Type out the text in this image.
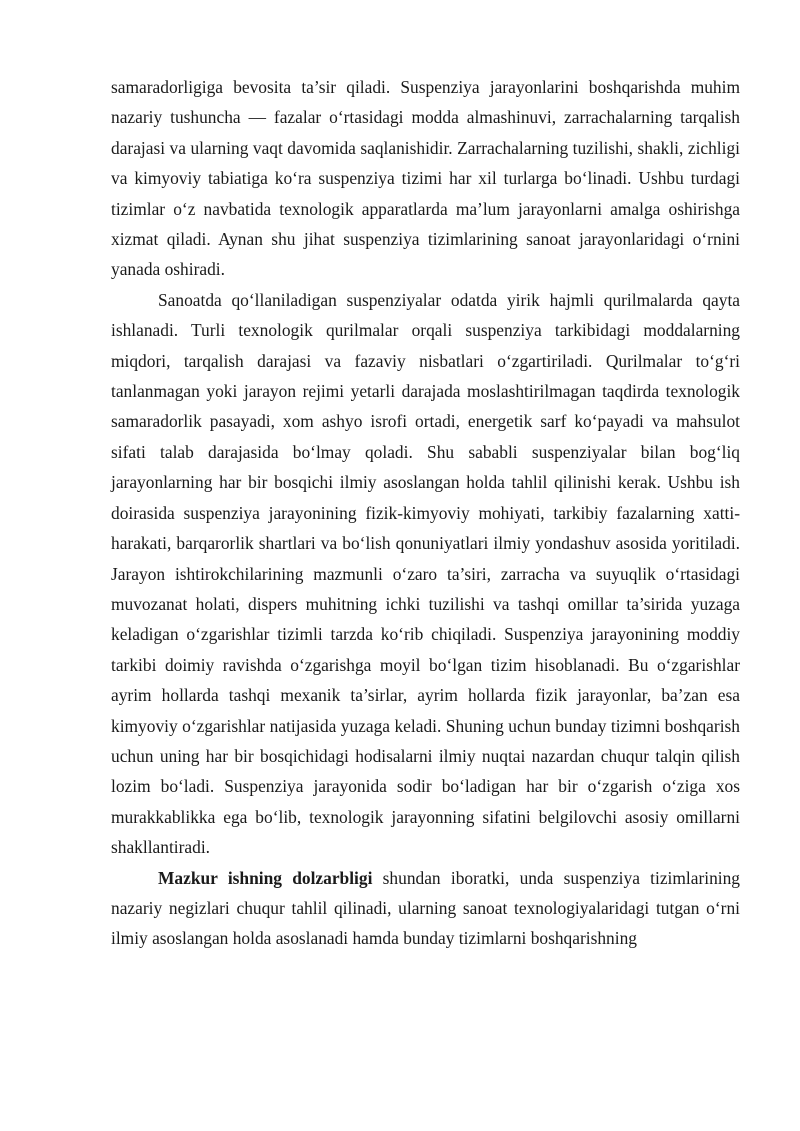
samaradorligiga bevosita ta’sir qiladi. Suspenziya jarayonlarini boshqarishda muhim nazariy tushuncha — fazalar o‘rtasidagi modda almashinuvi, zarrachalarning tarqalish darajasi va ularning vaqt davomida saqlanishidir. Zarrachalarning tuzilishi, shakli, zichligi va kimyoviy tabiatiga ko‘ra suspenziya tizimi har xil turlarga bo‘linadi. Ushbu turdagi tizimlar o‘z navbatida texnologik apparatlarda ma’lum jarayonlarni amalga oshirishga xizmat qiladi. Aynan shu jihat suspenziya tizimlarining sanoat jarayonlaridagi o‘rnini yanada oshiradi.

Sanoatda qo‘llaniladigan suspenziyalar odatda yirik hajmli qurilmalarda qayta ishlanadi. Turli texnologik qurilmalar orqali suspenziya tarkibidagi moddalarning miqdori, tarqalish darajasi va fazaviy nisbatlari o‘zgartiriladi. Qurilmalar to‘g‘ri tanlanmagan yoki jarayon rejimi yetarli darajada moslashtirilmagan taqdirda texnologik samaradorlik pasayadi, xom ashyo isrofi ortadi, energetik sarf ko‘payadi va mahsulot sifati talab darajasida bo‘lmay qoladi. Shu sababli suspenziyalar bilan bog‘liq jarayonlarning har bir bosqichi ilmiy asoslangan holda tahlil qilinishi kerak. Ushbu ish doirasida suspenziya jarayonining fizik-kimyoviy mohiyati, tarkibiy fazalarning xatti-harakati, barqarorlik shartlari va bo‘lish qonuniyatlari ilmiy yondashuv asosida yoritiladi. Jarayon ishtirokchilarining mazmunli o‘zaro ta’siri, zarracha va suyuqlik o‘rtasidagi muvozanat holati, dispers muhitning ichki tuzilishi va tashqi omillar ta’sirida yuzaga keladigan o‘zgarishlar tizimli tarzda ko‘rib chiqiladi. Suspenziya jarayonining moddiy tarkibi doimiy ravishda o‘zgarishga moyil bo‘lgan tizim hisoblanadi. Bu o‘zgarishlar ayrim hollarda tashqi mexanik ta’sirlar, ayrim hollarda fizik jarayonlar, ba’zan esa kimyoviy o‘zgarishlar natijasida yuzaga keladi. Shuning uchun bunday tizimni boshqarish uchun uning har bir bosqichidagi hodisalarni ilmiy nuqtai nazardan chuqur talqin qilish lozim bo‘ladi. Suspenziya jarayonida sodir bo‘ladigan har bir o‘zgarish o‘ziga xos murakkablikka ega bo‘lib, texnologik jarayonning sifatini belgilovchi asosiy omillarni shakllantiradi.

Mazkur ishning dolzarbligi shundan iboratki, unda suspenziya tizimlarining nazariy negizlari chuqur tahlil qilinadi, ularning sanoat texnologiyalaridagi tutgan o‘rni ilmiy asoslangan holda asoslanadi hamda bunday tizimlarni boshqarishning
